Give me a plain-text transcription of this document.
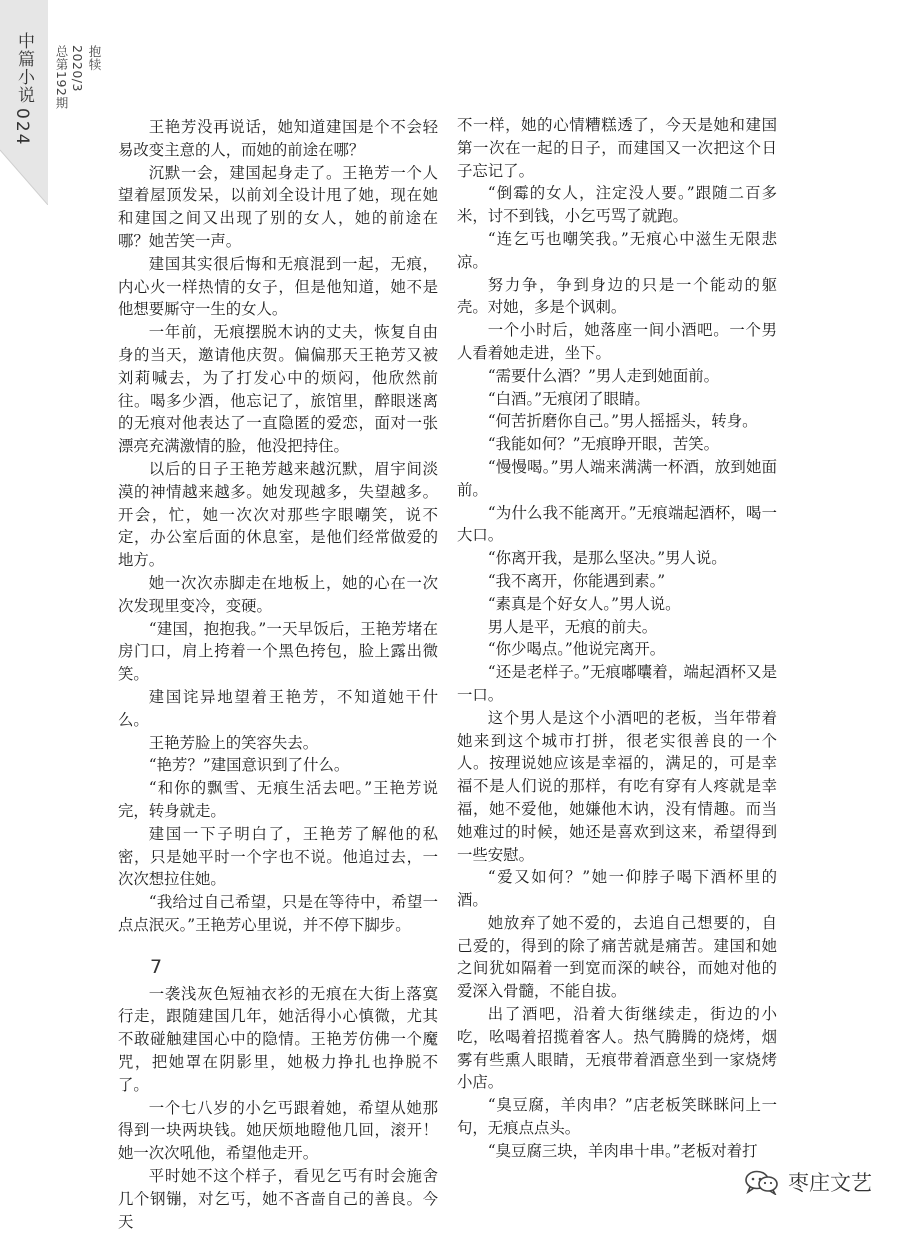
中篇小说
024
抱犊
2020/3
总第192期

王艳芳没再说话，她知道建国是个不会轻易改变主意的人，而她的前途在哪？

沉默一会，建国起身走了。王艳芳一个人望着屋顶发呆，以前刘全设计甩了她，现在她和建国之间又出现了别的女人，她的前途在哪？她苦笑一声。

建国其实很后悔和无痕混到一起，无痕，内心火一样热情的女子，但是他知道，她不是他想要厮守一生的女人。

一年前，无痕摆脱木讷的丈夫，恢复自由身的当天，邀请他庆贺。偏偏那天王艳芳又被刘莉喊去，为了打发心中的烦闷，他欣然前往。喝多少酒，他忘记了，旅馆里，醉眼迷离的无痕对他表达了一直隐匿的爱恋，面对一张漂亮充满激情的脸，他没把持住。

以后的日子王艳芳越来越沉默，眉宇间淡漠的神情越来越多。她发现越多，失望越多。开会，忙，她一次次对那些字眼嘲笑，说不定，办公室后面的休息室，是他们经常做爱的地方。

她一次次赤脚走在地板上，她的心在一次次发现里变冷，变硬。

“建国，抱抱我。”一天早饭后，王艳芳堵在房门口，肩上挎着一个黑色挎包，脸上露出微笑。

建国诧异地望着王艳芳，不知道她干什么。

王艳芳脸上的笑容失去。

“艳芳？”建国意识到了什么。

“和你的飘雪、无痕生活去吧。”王艳芳说完，转身就走。

建国一下子明白了，王艳芳了解他的私密，只是她平时一个字也不说。他追过去，一次次想拉住她。

“我给过自己希望，只是在等待中，希望一点点泯灭。”王艳芳心里说，并不停下脚步。

7

一袭浅灰色短袖衣衫的无痕在大街上落寞行走，跟随建国几年，她活得小心慎微，尤其不敢碰触建国心中的隐情。王艳芳仿佛一个魔咒，把她罩在阴影里，她极力挣扎也挣脱不了。

一个七八岁的小乞丐跟着她，希望从她那得到一块两块钱。她厌烦地瞪他几回，滚开！她一次次吼他，希望他走开。

平时她不这个样子，看见乞丐有时会施舍几个钢镚，对乞丐，她不吝啬自己的善良。今天

不一样，她的心情糟糕透了，今天是她和建国第一次在一起的日子，而建国又一次把这个日子忘记了。

“倒霉的女人，注定没人要。”跟随二百多米，讨不到钱，小乞丐骂了就跑。

“连乞丐也嘲笑我。”无痕心中滋生无限悲凉。

努力争，争到身边的只是一个能动的躯壳。对她，多是个讽刺。

一个小时后，她落座一间小酒吧。一个男人看着她走进，坐下。

“需要什么酒？”男人走到她面前。

“白酒。”无痕闭了眼睛。

“何苦折磨你自己。”男人摇摇头，转身。

“我能如何？”无痕睁开眼，苦笑。

“慢慢喝。”男人端来满满一杯酒，放到她面前。

“为什么我不能离开。”无痕端起酒杯，喝一大口。

“你离开我，是那么坚决。”男人说。

“我不离开，你能遇到素。”

“素真是个好女人。”男人说。

男人是平，无痕的前夫。

“你少喝点。”他说完离开。

“还是老样子。”无痕嘟囔着，端起酒杯又是一口。

这个男人是这个小酒吧的老板，当年带着她来到这个城市打拼，很老实很善良的一个人。按理说她应该是幸福的，满足的，可是幸福不是人们说的那样，有吃有穿有人疼就是幸福，她不爱他，她嫌他木讷，没有情趣。而当她难过的时候，她还是喜欢到这来，希望得到一些安慰。

“爱又如何？”她一仰脖子喝下酒杯里的酒。

她放弃了她不爱的，去追自己想要的，自己爱的，得到的除了痛苦就是痛苦。建国和她之间犹如隔着一到宽而深的峡谷，而她对他的爱深入骨髓，不能自拔。

出了酒吧，沿着大街继续走，街边的小吃，吆喝着招揽着客人。热气腾腾的烧烤，烟雾有些熏人眼睛，无痕带着酒意坐到一家烧烤小店。

“臭豆腐，羊肉串？”店老板笑眯眯问上一句，无痕点点头。

“臭豆腐三块，羊肉串十串。”老板对着打

枣庄文艺
